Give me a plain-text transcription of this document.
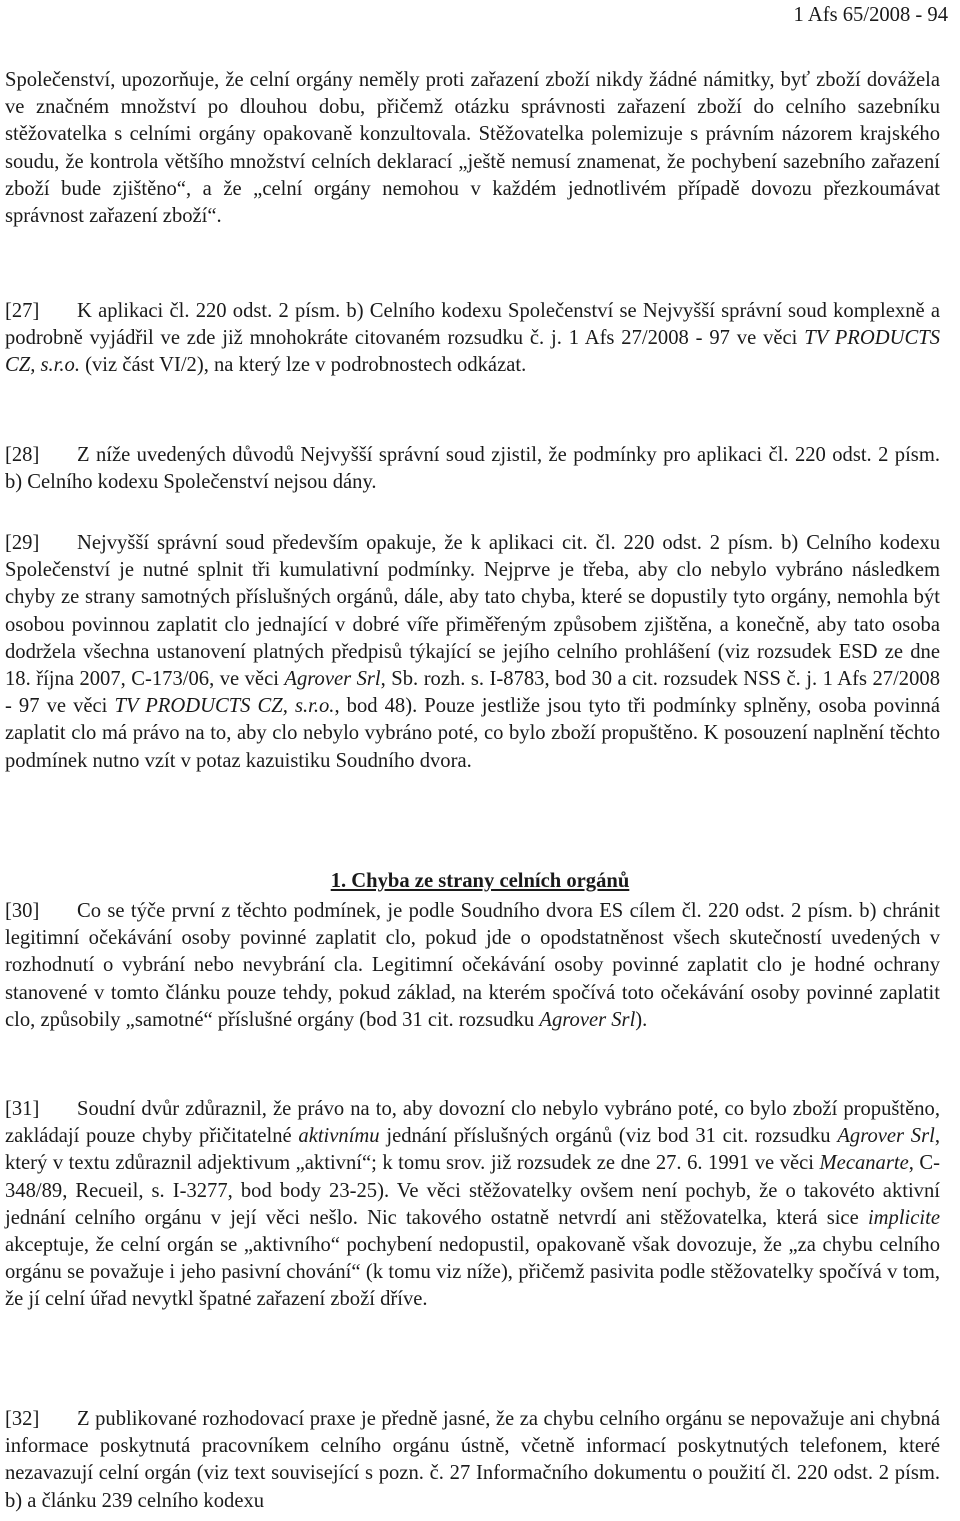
1 Afs 65/2008 - 94

Společenství, upozorňuje, že celní orgány neměly proti zařazení zboží nikdy žádné námitky, byť zboží dovážela ve značném množství po dlouhou dobu, přičemž otázku správnosti zařazení zboží do celního sazebníku stěžovatelka s celními orgány opakovaně konzultovala. Stěžovatelka polemizuje s právním názorem krajského soudu, že kontrola většího množství celních deklarací „ještě nemusí znamenat, že pochybení sazebního zařazení zboží bude zjištěno“, a že „celní orgány nemohou v každém jednotlivém případě dovozu přezkoumávat správnost zařazení zboží“.

[27] K aplikaci čl. 220 odst. 2 písm. b) Celního kodexu Společenství se Nejvyšší správní soud komplexně a podrobně vyjádřil ve zde již mnohokráte citovaném rozsudku č. j. 1 Afs 27/2008 - 97 ve věci TV PRODUCTS CZ, s.r.o. (viz část VI/2), na který lze v podrobnostech odkázat.

[28] Z níže uvedených důvodů Nejvyšší správní soud zjistil, že podmínky pro aplikaci čl. 220 odst. 2 písm. b) Celního kodexu Společenství nejsou dány.

[29] Nejvyšší správní soud především opakuje, že k aplikaci cit. čl. 220 odst. 2 písm. b) Celního kodexu Společenství je nutné splnit tři kumulativní podmínky. Nejprve je třeba, aby clo nebylo vybráno následkem chyby ze strany samotných příslušných orgánů, dále, aby tato chyba, které se dopustily tyto orgány, nemohla být osobou povinnou zaplatit clo jednající v dobré víře přiměřeným způsobem zjištěna, a konečně, aby tato osoba dodržela všechna ustanovení platných předpisů týkající se jejího celního prohlášení (viz rozsudek ESD ze dne 18. října 2007, C-173/06, ve věci Agrover Srl, Sb. rozh. s. I-8783, bod 30 a cit. rozsudek NSS č. j. 1 Afs 27/2008 - 97 ve věci TV PRODUCTS CZ, s.r.o., bod 48). Pouze jestliže jsou tyto tři podmínky splněny, osoba povinná zaplatit clo má právo na to, aby clo nebylo vybráno poté, co bylo zboží propuštěno. K posouzení naplnění těchto podmínek nutno vzít v potaz kazuistiku Soudního dvora.

1. Chyba ze strany celních orgánů

[30] Co se týče první z těchto podmínek, je podle Soudního dvora ES cílem čl. 220 odst. 2 písm. b) chránit legitimní očekávání osoby povinné zaplatit clo, pokud jde o opodstatněnost všech skutečností uvedených v rozhodnutí o vybrání nebo nevybrání cla. Legitimní očekávání osoby povinné zaplatit clo je hodné ochrany stanovené v tomto článku pouze tehdy, pokud základ, na kterém spočívá toto očekávání osoby povinné zaplatit clo, způsobily „samotné“ příslušné orgány (bod 31 cit. rozsudku Agrover Srl).

[31] Soudní dvůr zdůraznil, že právo na to, aby dovozní clo nebylo vybráno poté, co bylo zboží propuštěno, zakládají pouze chyby přičitatelné aktivnímu jednání příslušných orgánů (viz bod 31 cit. rozsudku Agrover Srl, který v textu zdůraznil adjektivum „aktivní“; k tomu srov. již rozsudek ze dne 27. 6. 1991 ve věci Mecanarte, C-348/89, Recueil, s. I-3277, bod body 23-25). Ve věci stěžovatelky ovšem není pochyb, že o takovéto aktivní jednání celního orgánu v její věci nešlo. Nic takového ostatně netvrdí ani stěžovatelka, která sice implicite akceptuje, že celní orgán se „aktivního“ pochybení nedopustil, opakovaně však dovozuje, že „za chybu celního orgánu se považuje i jeho pasivní chování“ (k tomu viz níže), přičemž pasivita podle stěžovatelky spočívá v tom, že jí celní úřad nevytkl špatné zařazení zboží dříve.

[32] Z publikované rozhodovací praxe je předně jasné, že za chybu celního orgánu se nepovažuje ani chybná informace poskytnutá pracovníkem celního orgánu ústně, včetně informací poskytnutých telefonem, které nezavazují celní orgán (viz text související s pozn. č. 27 Informačního dokumentu o použití čl. 220 odst. 2 písm. b) a článku 239 celního kodexu
